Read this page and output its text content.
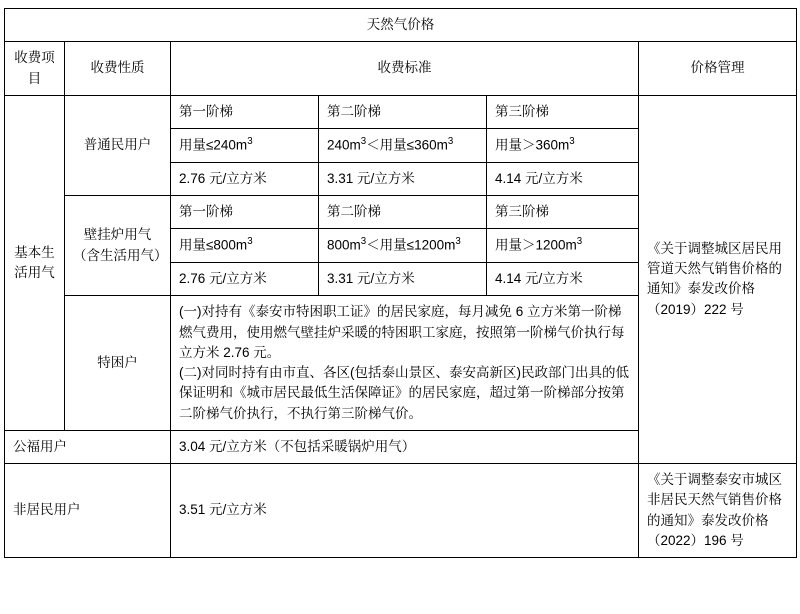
天然气价格					
收费项目	收费性质	收费标准			价格管理

基本生活用气	普通民用户	第一阶梯	第二阶梯	第三阶梯	《关于调整城区居民用管道天然气销售价格的通知》泰发改价格（2019）222 号
		用量$\le 240m^3$	$240m^3<$用量$\le 360m^3$	用量$>360m^3$
		2.76 元/立方米	3.31 元/立方米	4.14 元/立方米	
	壁挂炉用气（含生活用气）	第一阶梯	第二阶梯	第三阶梯	
		用量$\le 800m^3$	$800m^3<$用量$\le 1200m^3$	用量$>1200m^3$
		2.76 元/立方米	3.31 元/立方米	4.14 元/立方米	
	特困户	(一)对持有《泰安市特困职工证》的居民家庭，每月减免 6 立方米第一阶梯燃气费用，使用燃气壁挂炉采暖的特困职工家庭，按照第一阶梯气价执行每立方米 2.76 元。

(二)对同时持有由市直、各区(包括泰山景区、泰安高新区)民政部门出具的低保证明和《城市居民最低生活保障证》的居民家庭，超过第一阶梯部分按第二阶梯气价执行，不执行第三阶梯气价。			

公福用户		3.04 元/立方米（不包括采暖锅炉用气）			
非居民用户		3.51 元/立方米			《关于调整泰安市城区非居民天然气销售价格的通知》泰发改价格（2022）196 号
